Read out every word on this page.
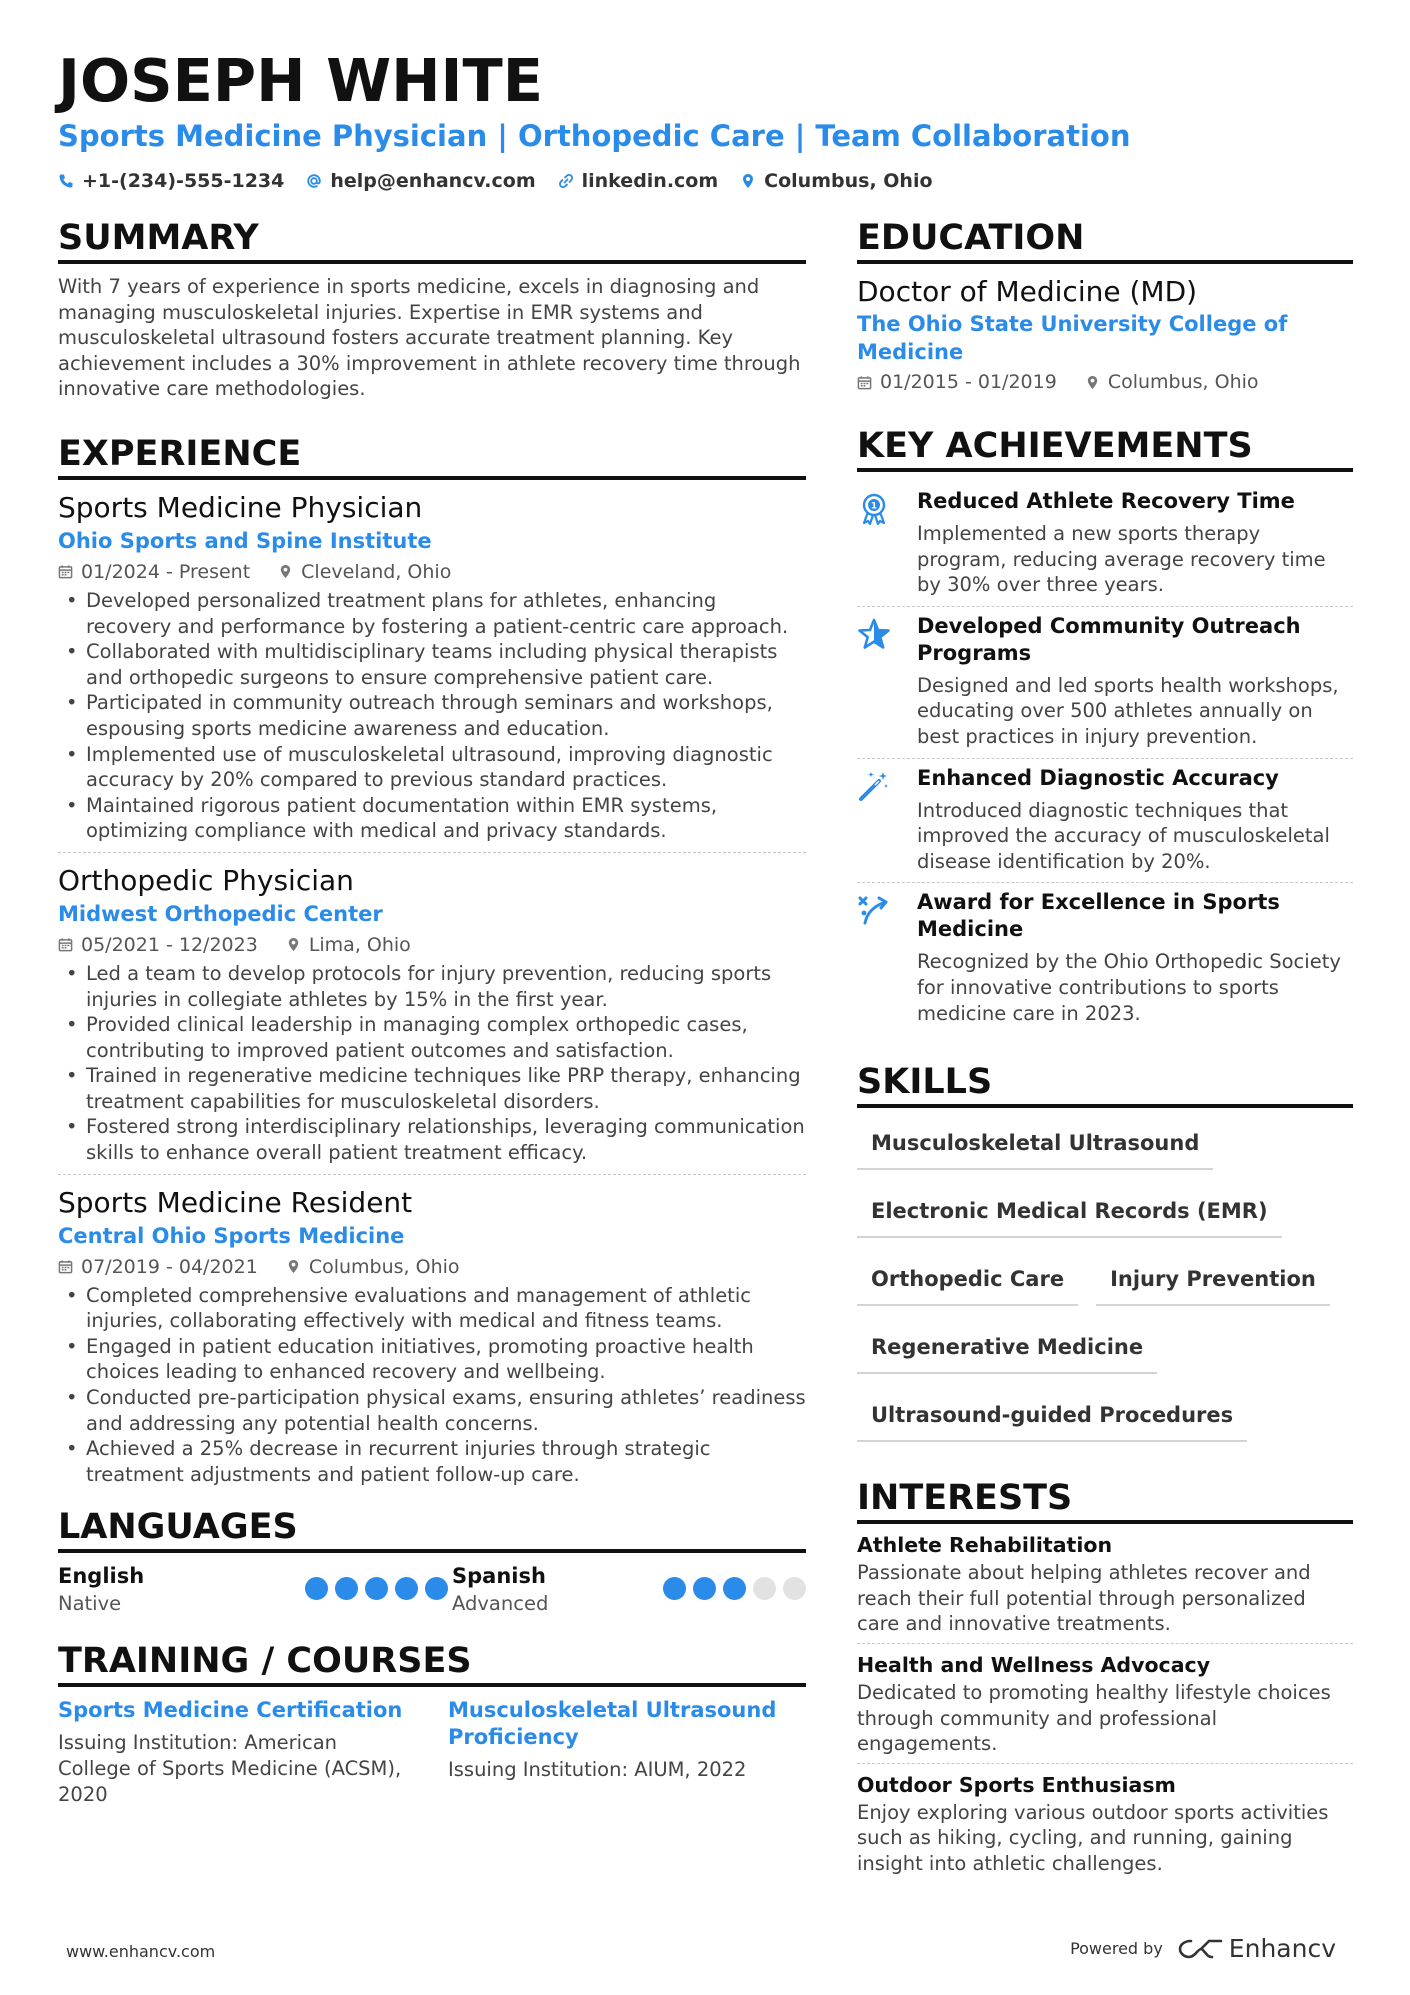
JOSEPH WHITE
Sports Medicine Physician | Orthopedic Care | Team Collaboration
+1-(234)-555-1234 help@enhancv.com linkedin.com Columbus, Ohio
SUMMARY
With 7 years of experience in sports medicine, excels in diagnosing and managing musculoskeletal injuries. Expertise in EMR systems and musculoskeletal ultrasound fosters accurate treatment planning. Key achievement includes a 30% improvement in athlete recovery time through innovative care methodologies.
EXPERIENCE
Sports Medicine Physician
Ohio Sports and Spine Institute
01/2024 - Present	Cleveland, Ohio
• Developed personalized treatment plans for athletes, enhancing recovery and performance by fostering a patient-centric care approach.
• Collaborated with multidisciplinary teams including physical therapists and orthopedic surgeons to ensure comprehensive patient care.
• Participated in community outreach through seminars and workshops, espousing sports medicine awareness and education.
• Implemented use of musculoskeletal ultrasound, improving diagnostic accuracy by 20% compared to previous standard practices.
• Maintained rigorous patient documentation within EMR systems, optimizing compliance with medical and privacy standards.
Orthopedic Physician
Midwest Orthopedic Center
05/2021 - 12/2023	Lima, Ohio
• Led a team to develop protocols for injury prevention, reducing sports injuries in collegiate athletes by 15% in the first year.
• Provided clinical leadership in managing complex orthopedic cases, contributing to improved patient outcomes and satisfaction.
• Trained in regenerative medicine techniques like PRP therapy, enhancing treatment capabilities for musculoskeletal disorders.
• Fostered strong interdisciplinary relationships, leveraging communication skills to enhance overall patient treatment efficacy.
Sports Medicine Resident
Central Ohio Sports Medicine
07/2019 - 04/2021	Columbus, Ohio
• Completed comprehensive evaluations and management of athletic injuries, collaborating effectively with medical and fitness teams.
• Engaged in patient education initiatives, promoting proactive health choices leading to enhanced recovery and wellbeing.
• Conducted pre-participation physical exams, ensuring athletes’ readiness and addressing any potential health concerns.
• Achieved a 25% decrease in recurrent injuries through strategic treatment adjustments and patient follow-up care.
LANGUAGES
English
Native
Spanish
Advanced
TRAINING / COURSES
Sports Medicine Certification
Issuing Institution: American College of Sports Medicine (ACSM), 2020
Musculoskeletal Ultrasound Proficiency
Issuing Institution: AIUM, 2022
EDUCATION
Doctor of Medicine (MD)
The Ohio State University College of Medicine
01/2015 - 01/2019	Columbus, Ohio
KEY ACHIEVEMENTS
1 Reduced Athlete Recovery Time
Implemented a new sports therapy program, reducing average recovery time by 30% over three years.
Developed Community Outreach Programs
Designed and led sports health workshops, educating over 500 athletes annually on best practices in injury prevention.
Enhanced Diagnostic Accuracy
Introduced diagnostic techniques that improved the accuracy of musculoskeletal disease identification by 20%.
Award for Excellence in Sports Medicine
Recognized by the Ohio Orthopedic Society for innovative contributions to sports medicine care in 2023.
SKILLS
Musculoskeletal Ultrasound
Electronic Medical Records (EMR)
Orthopedic Care	Injury Prevention
Regenerative Medicine
Ultrasound-guided Procedures
INTERESTS
Athlete Rehabilitation
Passionate about helping athletes recover and reach their full potential through personalized care and innovative treatments.
Health and Wellness Advocacy
Dedicated to promoting healthy lifestyle choices through community and professional engagements.
Outdoor Sports Enthusiasm
Enjoy exploring various outdoor sports activities such as hiking, cycling, and running, gaining insight into athletic challenges.
www.enhancv.com	Powered by	Enhancv
